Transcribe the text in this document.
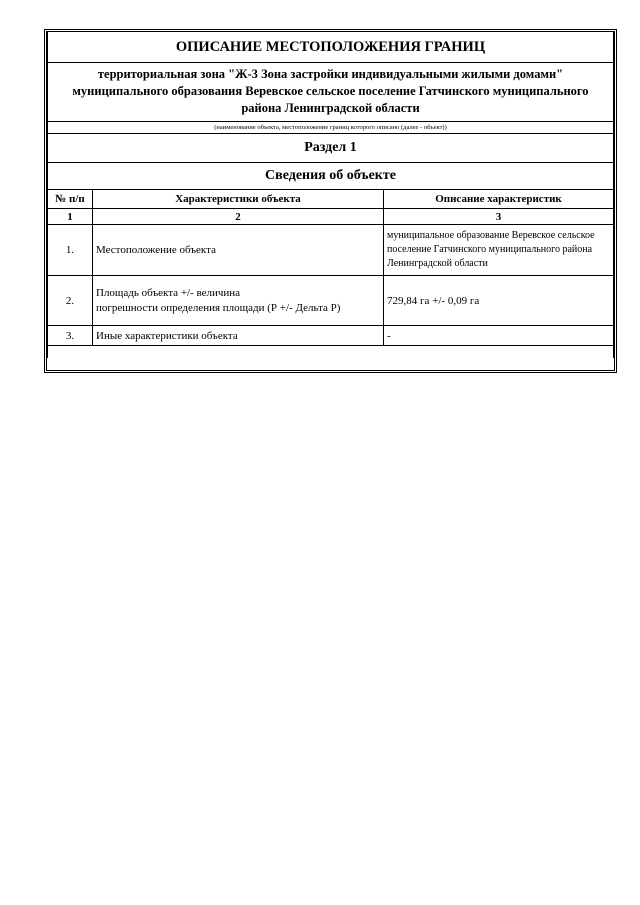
ОПИСАНИЕ МЕСТОПОЛОЖЕНИЯ ГРАНИЦ		

территориальная зона "Ж-3 Зона застройки индивидуальными жилыми домами"
муниципального образования Веревское сельское поселение Гатчинского муниципального
района Ленинградской области		

(наименование объекта, местоположение границ которого описано (далее - объект))		
Раздел 1		
Сведения об объекте		
№ п/п	Характеристики объекта	Описание характеристик
1	2	3
1.	Местоположение объекта	муниципальное образование Веревское сельское
поселение Гатчинского муниципального района
Ленинградской области

2.	Площадь объекта +/- величина
погрешности определения площади (Р +/- Дельта Р)	729,84 га +/- 0,09 га
3.	Иные характеристики объекта	-
